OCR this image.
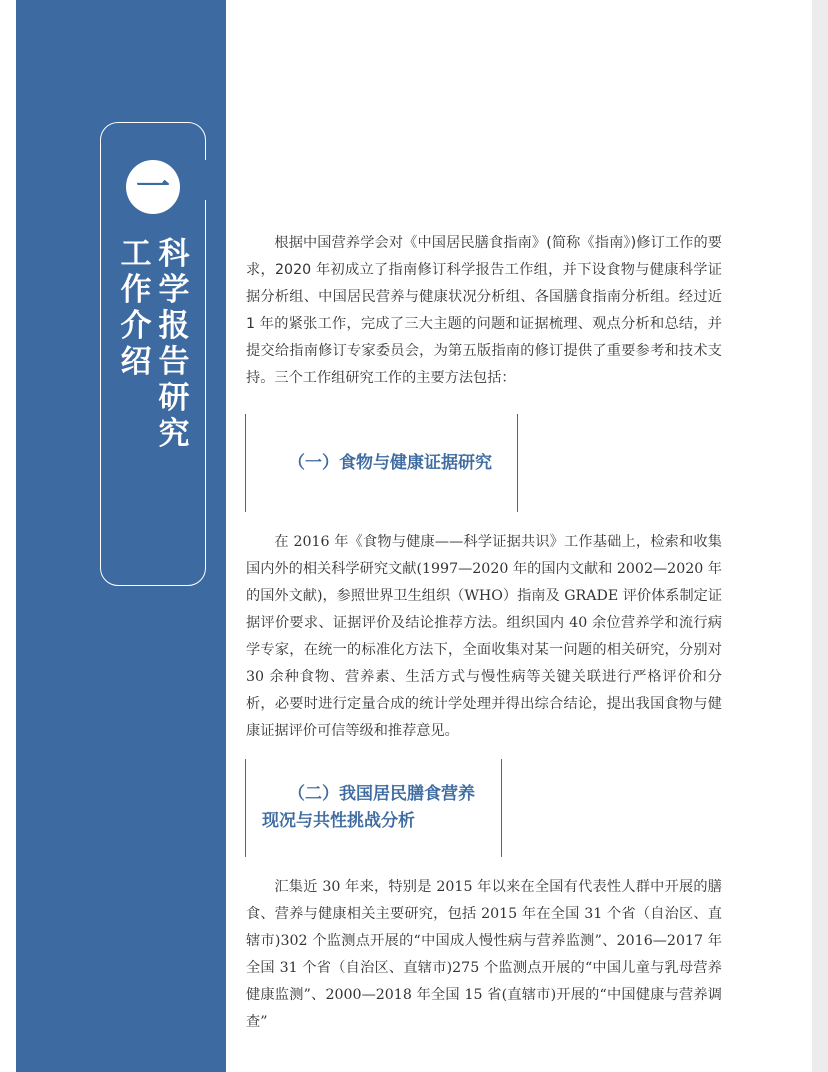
一
科学报告研究
工作介绍

根据中国营养学会对《中国居民膳食指南》(简称《指南》)修订工作的要求，2020 年初成立了指南修订科学报告工作组，并下设食物与健康科学证据分析组、中国居民营养与健康状况分析组、各国膳食指南分析组。经过近 1 年的紧张工作，完成了三大主题的问题和证据梳理、观点分析和总结，并提交给指南修订专家委员会，为第五版指南的修订提供了重要参考和技术支持。三个工作组研究工作的主要方法包括：

（一）食物与健康证据研究

在 2016 年《食物与健康——科学证据共识》工作基础上，检索和收集国内外的相关科学研究文献(1997—2020 年的国内文献和 2002—2020 年的国外文献)，参照世界卫生组织（WHO）指南及 GRADE 评价体系制定证据评价要求、证据评价及结论推荐方法。组织国内 40 余位营养学和流行病学专家，在统一的标准化方法下，全面收集对某一问题的相关研究，分别对 30 余种食物、营养素、生活方式与慢性病等关键关联进行严格评价和分析，必要时进行定量合成的统计学处理并得出综合结论，提出我国食物与健康证据评价可信等级和推荐意见。

（二）我国居民膳食营养
现况与共性挑战分析

汇集近 30 年来，特别是 2015 年以来在全国有代表性人群中开展的膳食、营养与健康相关主要研究，包括 2015 年在全国 31 个省（自治区、直辖市)302 个监测点开展的“中国成人慢性病与营养监测”、2016—2017 年全国 31 个省（自治区、直辖市)275 个监测点开展的“中国儿童与乳母营养健康监测”、2000—2018 年全国 15 省(直辖市)开展的“中国健康与营养调查”
